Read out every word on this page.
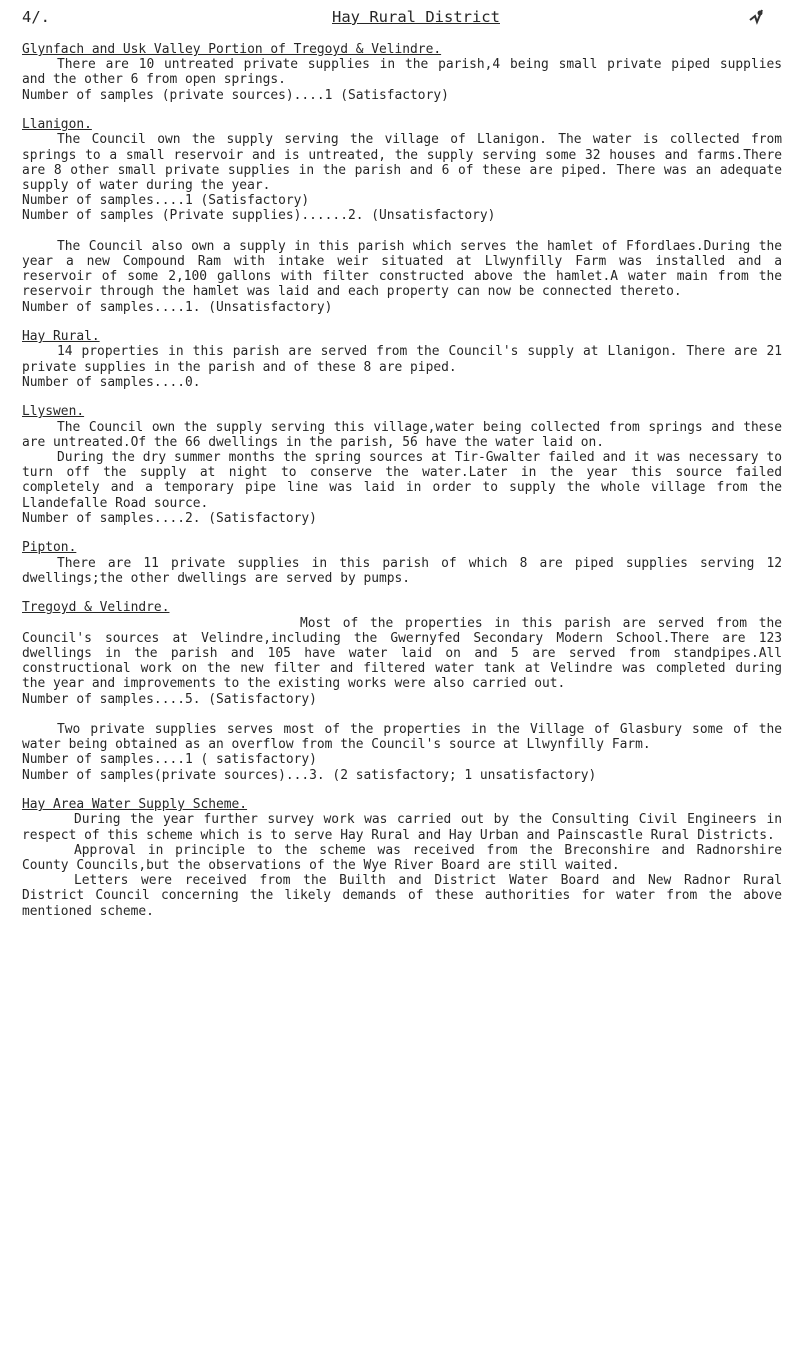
4/.	Hay Rural District

Glynfach and Usk Valley Portion of Tregoyd & Velindre.

There are 10 untreated private supplies in the parish,4 being small private piped supplies and the other 6 from open springs.

Number of samples (private sources)....1 (Satisfactory)

Llanigon.

The Council own the supply serving the village of Llanigon. The water is collected from springs to a small reservoir and is untreated, the supply serving some 32 houses and farms.There are 8 other small private supplies in the parish and 6 of these are piped. There was an adequate supply of water during the year.

Number of samples....1 (Satisfactory)

Number of samples (Private supplies)......2. (Unsatisfactory)

The Council also own a supply in this parish which serves the hamlet of Ffordlaes.During the year a new Compound Ram with intake weir situated at Llwynfilly Farm was installed and a reservoir of some 2,100 gallons with filter constructed above the hamlet.A water main from the reservoir through the hamlet was laid and each property can now be connected thereto.

Number of samples....1. (Unsatisfactory)

Hay Rural.

14 properties in this parish are served from the Council's supply at Llanigon. There are 21 private supplies in the parish and of these 8 are piped.

Number of samples....0.

Llyswen.

The Council own the supply serving this village,water being collected from springs and these are untreated.Of the 66 dwellings in the parish, 56 have the water laid on.

During the dry summer months the spring sources at Tir-Gwalter failed and it was necessary to turn off the supply at night to conserve the water.Later in the year this source failed completely and a temporary pipe line was laid in order to supply the whole village from the Llandefalle Road source.

Number of samples....2. (Satisfactory)

Pipton.

There are 11 private supplies in this parish of which 8 are piped supplies serving 12 dwellings;the other dwellings are served by pumps.

Tregoyd & Velindre.

Most of the properties in this parish are served from the Council's sources at Velindre,including the Gwernyfed Secondary Modern School.There are 123 dwellings in the parish and 105 have water laid on and 5 are served from standpipes.All constructional work on the new filter and filtered water tank at Velindre was completed during the year and improvements to the existing works were also carried out.

Number of samples....5. (Satisfactory)

Two private supplies serves most of the properties in the Village of Glasbury some of the water being obtained as an overflow from the Council's source at Llwynfilly Farm.

Number of samples....1 ( satisfactory)

Number of samples(private sources)...3. (2 satisfactory; 1 unsatisfactory)

Hay Area Water Supply Scheme.

During the year further survey work was carried out by the Consulting Civil Engineers in respect of this scheme which is to serve Hay Rural and Hay Urban and Painscastle Rural Districts.

Approval in principle to the scheme was received from the Breconshire and Radnorshire County Councils,but the observations of the Wye River Board are still waited.

Letters were received from the Builth and District Water Board and New Radnor Rural District Council concerning the likely demands of these authorities for water from the above mentioned scheme.
